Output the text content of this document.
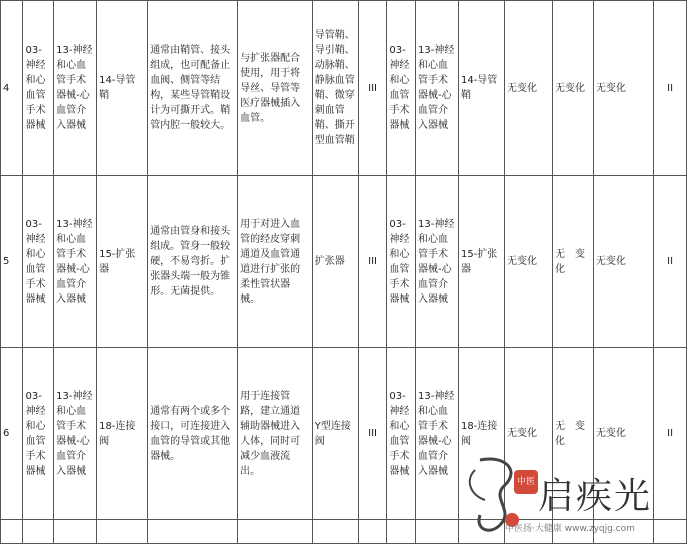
4	03-神经和心血管手术器械	13-神经和心血管手术器械-心血管介入器械	14-导管鞘	通常由鞘管、接头组成，也可配备止血阀、侧管等结构，某些导管鞘设计为可撕开式。鞘管内腔一般较大。	与扩张器配合使用，用于将导丝、导管等医疗器械插入血管。	导管鞘、导引鞘、动脉鞘、静脉血管鞘、微穿刺血管鞘、撕开型血管鞘	III	03-神经和心血管手术器械	13-神经和心血管手术器械-心血管介入器械	14-导管鞘	无变化	无变化	无变化	II
5	03-神经和心血管手术器械	13-神经和心血管手术器械-心血管介入器械	15-扩张器	通常由管身和接头组成。管身一般较硬，不易弯折。扩张器头端一般为锥形。无菌提供。	用于对进入血管的经皮穿刺通道及血管通道进行扩张的柔性管状器械。	扩张器	III	03-神经和心血管手术器械	13-神经和心血管手术器械-心血管介入器械	15-扩张器	无变化	无　变化	无变化	II
6	03-神经和心血管手术器械	13-神经和心血管手术器械-心血管介入器械	18-连接阀	通常有两个或多个接口，可连接进入血管的导管或其他器械。	用于连接管路，建立通道辅助器械进入人体，同时可减少血液流出。	Y型连接阀	III	03-神经和心血管手术器械	13-神经和心血管手术器械-心血管介入器械	18-连接阀	无变化	无　变化	无变化	II

中医 启疾光
中医扬·大健康 www.zyqjg.com
